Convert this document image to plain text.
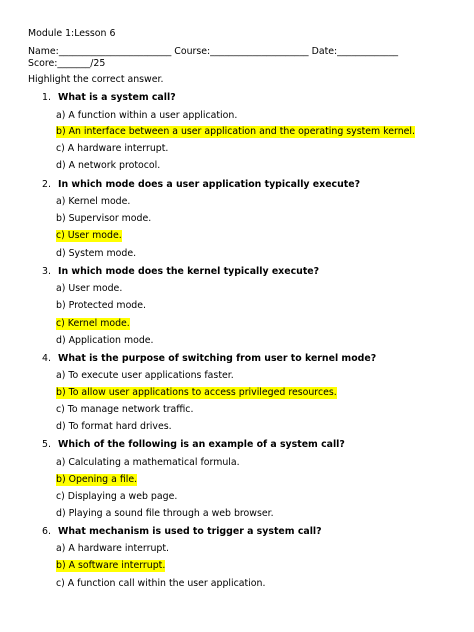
Module 1:Lesson 6
Name:________________________ Course:_____________________ Date:_____________
Score:_______/25
Highlight the correct answer.
1. What is a system call?
a) A function within a user application.
b) An interface between a user application and the operating system kernel.
c) A hardware interrupt.
d) A network protocol.
2. In which mode does a user application typically execute?
a) Kernel mode.
b) Supervisor mode.
c) User mode.
d) System mode.
3. In which mode does the kernel typically execute?
a) User mode.
b) Protected mode.
c) Kernel mode.
d) Application mode.
4. What is the purpose of switching from user to kernel mode?
a) To execute user applications faster.
b) To allow user applications to access privileged resources.
c) To manage network traffic.
d) To format hard drives.
5. Which of the following is an example of a system call?
a) Calculating a mathematical formula.
b) Opening a file.
c) Displaying a web page.
d) Playing a sound file through a web browser.
6. What mechanism is used to trigger a system call?
a) A hardware interrupt.
b) A software interrupt.
c) A function call within the user application.
